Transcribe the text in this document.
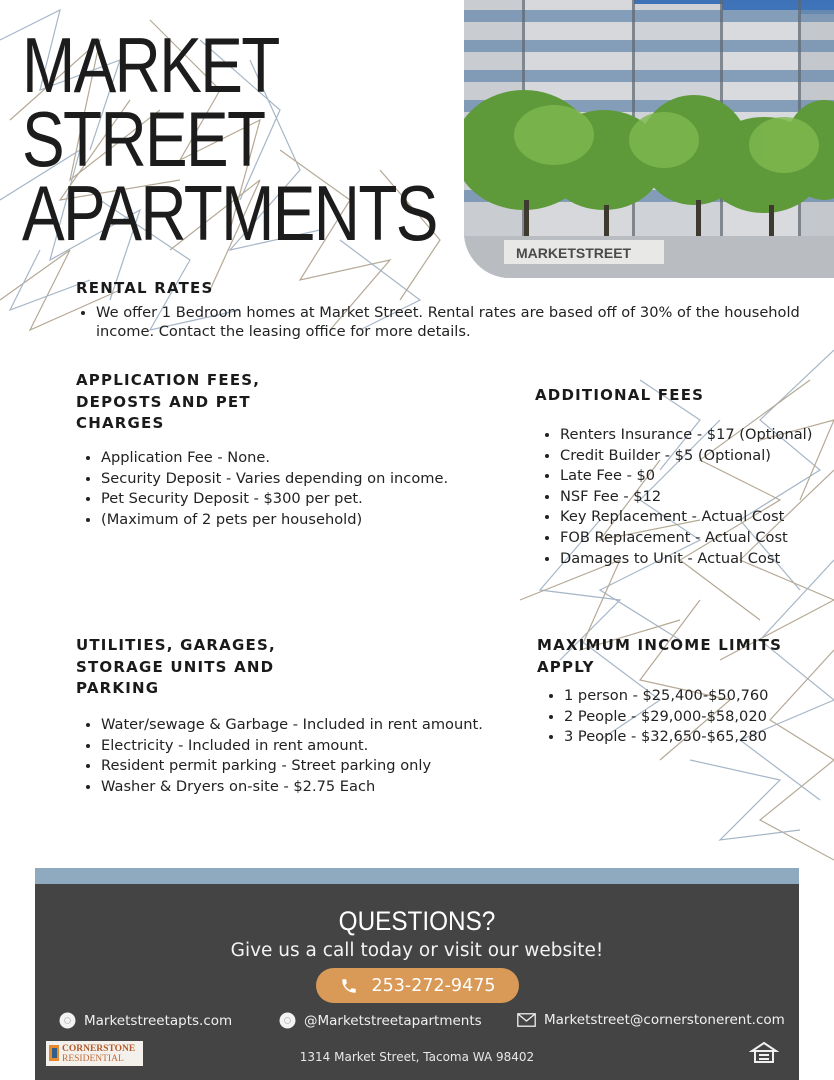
MARKET
STREET
APARTMENTS	MARKETSTREET
RENTAL RATES
• We offer 1 Bedroom homes at Market Street. Rental rates are based off of 30% of the household income. Contact the leasing office for more details.
APPLICATION FEES,
DEPOSTS AND PET
CHARGES
• Application Fee - None.
• Security Deposit - Varies depending on income.
• Pet Security Deposit - $300 per pet.
• (Maximum of 2 pets per household)
ADDITIONAL FEES
• Renters Insurance - $17 (Optional)
• Credit Builder - $5 (Optional)
• Late Fee - $0
• NSF Fee - $12
• Key Replacement - Actual Cost
• FOB Replacement - Actual Cost
• Damages to Unit - Actual Cost
UTILITIES, GARAGES,
STORAGE UNITS AND
PARKING
• Water/sewage & Garbage - Included in rent amount.
• Electricity - Included in rent amount.
• Resident permit parking - Street parking only
• Washer & Dryers on-site - $2.75 Each
MAXIMUM INCOME LIMITS
APPLY
• 1 person - $25,400-$50,760
• 2 People - $29,000-$58,020
• 3 People - $32,650-$65,280
QUESTIONS?

Give us a call today or visit our website!

253-272-9475
Marketstreetapts.com	@Marketstreetapartments	Marketstreet@cornerstonerent.com
CORNERSTONE
RESIDENTIAL	1314 Market Street, Tacoma WA 98402
